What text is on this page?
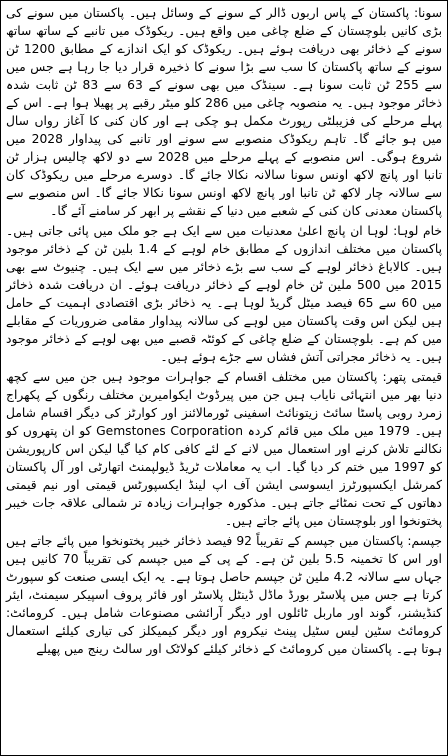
سونا: پاکستان کے پاس اربوں ڈالر کے سونے کے وسائل ہیں۔ پاکستان میں سونے کی بڑی کانیں بلوچستان کے ضلع چاغی میں واقع ہیں۔ ریکوڈک میں تانبے کے ساتھ ساتھ سونے کے ذخائر بھی دریافت ہوئے ہیں۔ ریکوڈک کو ایک اندازے کے مطابق 1200 ٹن سونے کے ساتھ پاکستان کا سب سے بڑا سونے کا ذخیرہ قرار دیا جا رہا ہے جس میں سے 255 ٹن ثابت سونا ہے۔ سینڈک میں بھی سونے کے 63 سے 83 ٹن ثابت شدہ ذخائر موجود ہیں۔ یہ منصوبہ چاغی میں 286 کلو میٹر رقبے پر پھیلا ہوا ہے۔ اس کے پہلے مرحلے کی فزیبلٹی رپورٹ مکمل ہو چکی ہے اور کان کنی کا آغاز رواں سال میں ہو جائے گا۔ تاہم ریکوڈک منصوبے سے سونے اور تانبے کی پیداوار 2028 میں شروع ہوگی۔ اس منصوبے کے پہلے مرحلے میں 2028 سے دو لاکھ چالیس ہزار ٹن تانبا اور پانچ لاکھ اونس سونا سالانہ نکالا جائے گا۔ دوسرے مرحلے میں ریکوڈک کان سے سالانہ چار لاکھ ٹن تانبا اور پانچ لاکھ اونس سونا نکالا جائے گا۔ اس منصوبے سے پاکستان معدنی کان کنی کے شعبے میں دنیا کے نقشے پر ابھر کر سامنے آئے گا۔

خام لوہا: لوہا ان پانچ اعلیٰ معدنیات میں سے ایک ہے جو ملک میں پائی جاتی ہیں۔ پاکستان میں مختلف اندازوں کے مطابق خام لوہے کے 1.4 بلین ٹن کے ذخائر موجود ہیں۔ کالاباغ ذخائر لوہے کے سب سے بڑے ذخائر میں سے ایک ہیں۔ چنیوٹ سے بھی 2015 میں 500 ملین ٹن خام لوہے کے ذخائر دریافت ہوئے۔ ان دریافت شدہ ذخائر میں 60 سے 65 فیصد میٹل گریڈ لوہا ہے۔ یہ ذخائر بڑی اقتصادی اہمیت کے حامل ہیں لیکن اس وقت پاکستان میں لوہے کی سالانہ پیداوار مقامی ضروریات کے مقابلے میں کم ہے۔ بلوچستان کے ضلع چاغی کے کوئٹہ قصبے میں بھی لوہے کے ذخائر موجود ہیں۔ یہ ذخائر مجراتی آتش فشاں سے جڑے ہوئے ہیں۔

قیمتی پتھر: پاکستان میں مختلف اقسام کے جواہرات موجود ہیں جن میں سے کچھ دنیا بھر میں انتہائی نایاب ہیں جن میں پیرڈوٹ ایکوامیرین مختلف رنگوں کے پکھراج زمرد روبی پاسٹا سائٹ زیتونائٹ اسفینی ٹورمالائنز اور کوارٹز کی دیگر اقسام شامل ہیں۔ 1979 میں ملک میں قائم کردہ Gemstones Corporation کو ان پتھروں کو نکالنے تلاش کرنے اور استعمال میں لانے کے لئے کافی کام کیا گیا لیکن اس کارپوریشن کو 1997 میں ختم کر دیا گیا۔ اب یہ معاملات ٹریڈ ڈیولپمنٹ اتھارٹی اور آل پاکستان کمرشل ایکسپورٹرز ایسوسی ایشن آف اپ لینڈ ایکسپورٹس قیمتی اور نیم قیمتی دھاتوں کے تحت نمٹائے جاتے ہیں۔ مذکورہ جواہرات زیادہ تر شمالی علاقہ جات خیبر پختونخوا اور بلوچستان میں پائے جاتے ہیں۔

جپسم: پاکستان میں جپسم کے تقریباً 92 فیصد ذخائر خیبر پختونخوا میں پائے جاتے ہیں اور اس کا تخمینہ 5.5 بلین ٹن ہے۔ کے پی کے میں جپسم کی تقریباً 70 کانیں ہیں جہاں سے سالانہ 4.2 ملین ٹن جپسم حاصل ہوتا ہے۔ یہ ایک ایسی صنعت کو سپورٹ کرتا ہے جس میں پلاسٹر بورڈ ماڈل ڈینٹل پلاسٹر اور فائر پروف اسپیکر سیمنٹ، ایئر کنڈیشنر، گوند اور ماربل ٹائلوں اور دیگر آرائشی مصنوعات شامل ہیں۔ کرومائٹ: کرومائٹ سٹین لیس سٹیل پینٹ نیکروم اور دیگر کیمیکلز کی تیاری کیلئے استعمال ہوتا ہے۔ پاکستان میں کرومائٹ کے ذخائر کیلئے کولاٹک اور سالٹ رینج میں پھیلے
